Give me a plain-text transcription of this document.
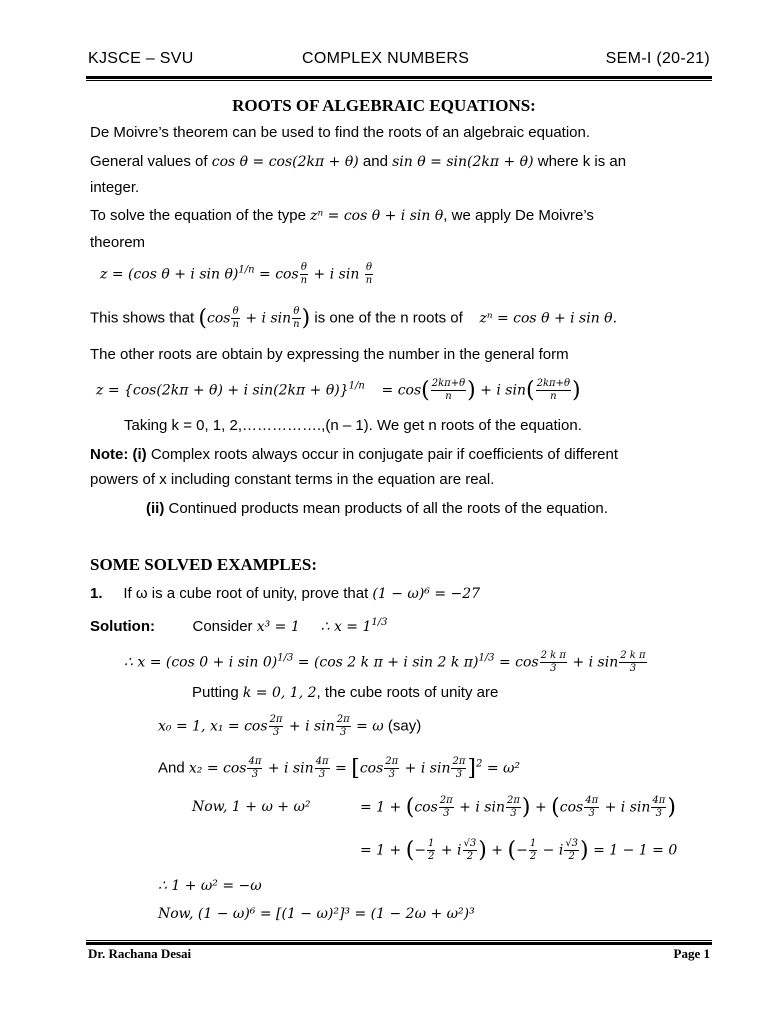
KJSCE – SVU	COMPLEX NUMBERS	SEM-I (20-21)
ROOTS OF ALGEBRAIC EQUATIONS:
De Moivre’s theorem can be used to find the roots of an algebraic equation.
General values of cos θ = cos(2kπ + θ) and sin θ = sin(2kπ + θ) where k is an
integer.
To solve the equation of the type zⁿ = cos θ + i sin θ, we apply De Moivre’s
theorem
z = (cos θ + i $\sin \theta)^{1/n} = \cos \frac{\theta}{n} + i$ $\sin \frac{\theta}{n}$
This shows that ($\cos \frac{\theta}{n} + i$ $\sin \frac{\theta}{n}$ ) is one of the n roots of    zⁿ = cos θ + i sin θ.
The other roots are obtain by expressing the number in the general form
z = {cos(2kπ + θ) + i $\sin(2k\pi + \theta)\}^{1/n} = \cos( \frac{2k\pi+\theta}{n}$ ) + i $\sin( \frac{2k\pi+\theta}{n}$ )
Taking k = 0, 1, 2,…………….,(n – 1). We get n roots of the equation.
Note: (i) Complex roots always occur in conjugate pair if coefficients of different
powers of x including constant terms in the equation are real.
(ii) Continued products mean products of all the roots of the equation.
SOME SOLVED EXAMPLES:
1. If ω is a cube root of unity, prove that (1 − ω)⁶ = −27
Solution:	Consider x³ = 1 ∴ $x = 1^{1/3}$
∴ x = (cos 0 + i sin 0)$^{1/3}$ = (cos 2 k π + i sin 2 k $\pi)^{1/3} = \cos \frac{\text{2 k π}}{3} + i$ $\sin \frac{\text{2 k π}}{3}$
Putting k = 0, 1, 2, the cube roots of unity are
x₀ = 1, $x_1 = \cos \frac{2\pi}{3} + i$ $\sin \frac{2\pi}{3} = \omega$ (say)
And $x_2 = \cos \frac{4\pi}{3} + i$ $\sin \frac{4\pi}{3} = [\cos \frac{2\pi}{3} + i$ $\sin \frac{2\pi}{3} ]^2 = \omega^2$
Now, 1 + ω + ω²	= $1 + (\cos \frac{2\pi}{3} + i$ $\sin \frac{2\pi}{3}$ ) + ($\cos \frac{4\pi}{3} + i$ $\sin \frac{4\pi}{3}$ )
= 1 + (− $\frac{1}{2} + i \frac{√3}{2}$ ) + (− $\frac{1}{2} - i \frac{√3}{2}$ ) = 1 − 1 = 0
∴ 1 + ω² = −ω
Now, (1 − ω)⁶ = [(1 − ω)²]³ = (1 − 2ω + ω²)³
Dr. Rachana Desai	Page 1
